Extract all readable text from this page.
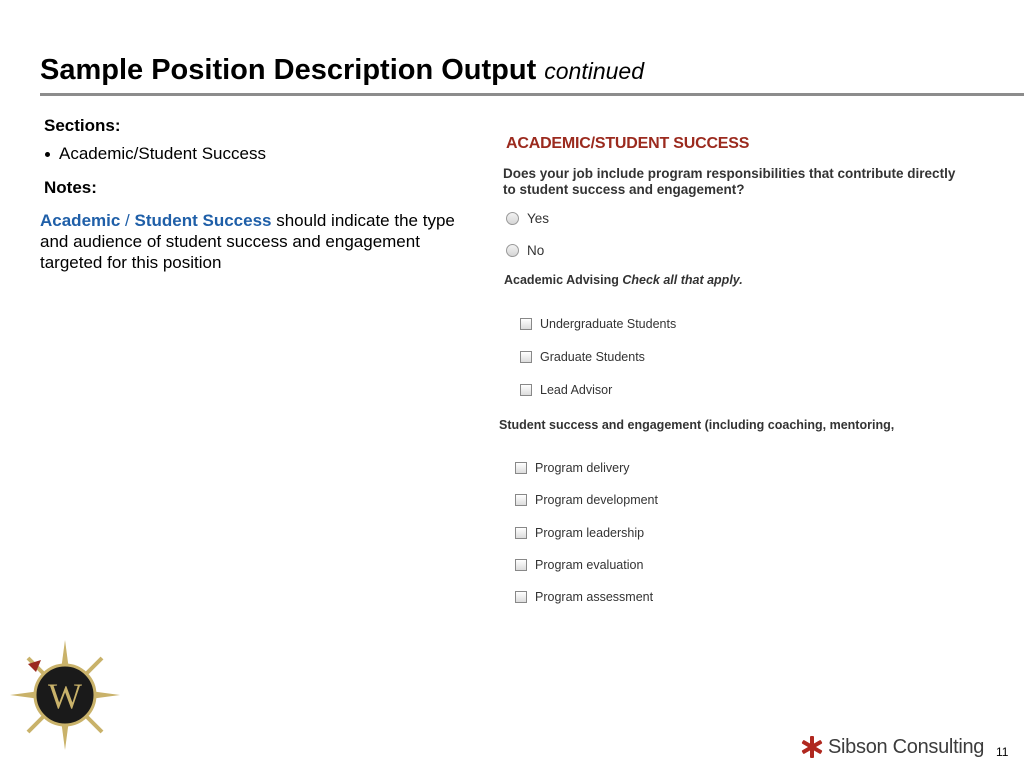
Sample Position Description Output continued
Sections:
Academic/Student Success
Notes:
Academic / Student Success should indicate the type and audience of student success and engagement targeted for this position
ACADEMIC/STUDENT SUCCESS
Does your job include program responsibilities that contribute directly
to student success and engagement?
Yes
No
Academic Advising Check all that apply.
Undergraduate Students
Graduate Students
Lead Advisor
Student success and engagement (including coaching, mentoring,
Program delivery
Program development
Program leadership
Program evaluation
Program assessment
W
Sibson Consulting 11
